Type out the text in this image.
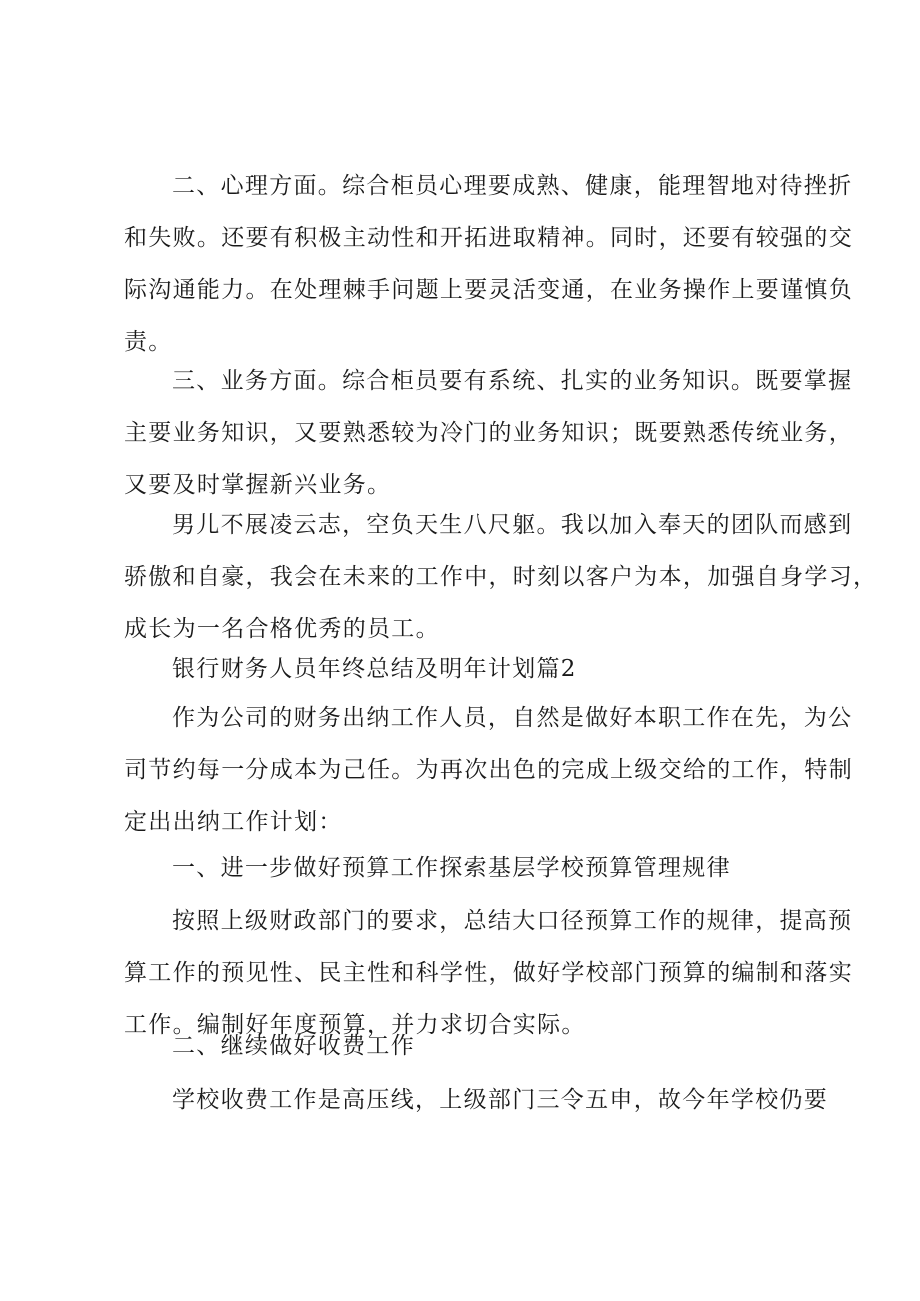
二、心理方面。综合柜员心理要成熟、健康，能理智地对待挫折
和失败。还要有积极主动性和开拓进取精神。同时，还要有较强的交
际沟通能力。在处理棘手问题上要灵活变通，在业务操作上要谨慎负
责。
三、业务方面。综合柜员要有系统、扎实的业务知识。既要掌握
主要业务知识，又要熟悉较为冷门的业务知识；既要熟悉传统业务，
又要及时掌握新兴业务。
男儿不展凌云志，空负天生八尺躯。我以加入奉天的团队而感到
骄傲和自豪，我会在未来的工作中，时刻以客户为本，加强自身学习，
成长为一名合格优秀的员工。
银行财务人员年终总结及明年计划篇2
作为公司的财务出纳工作人员，自然是做好本职工作在先，为公
司节约每一分成本为己任。为再次出色的完成上级交给的工作，特制
定出出纳工作计划：
一、进一步做好预算工作探索基层学校预算管理规律
按照上级财政部门的要求，总结大口径预算工作的规律，提高预
算工作的预见性、民主性和科学性，做好学校部门预算的编制和落实
工作。编制好年度预算，并力求切合实际。
二、继续做好收费工作
学校收费工作是高压线，上级部门三令五申，故今年学校仍要
